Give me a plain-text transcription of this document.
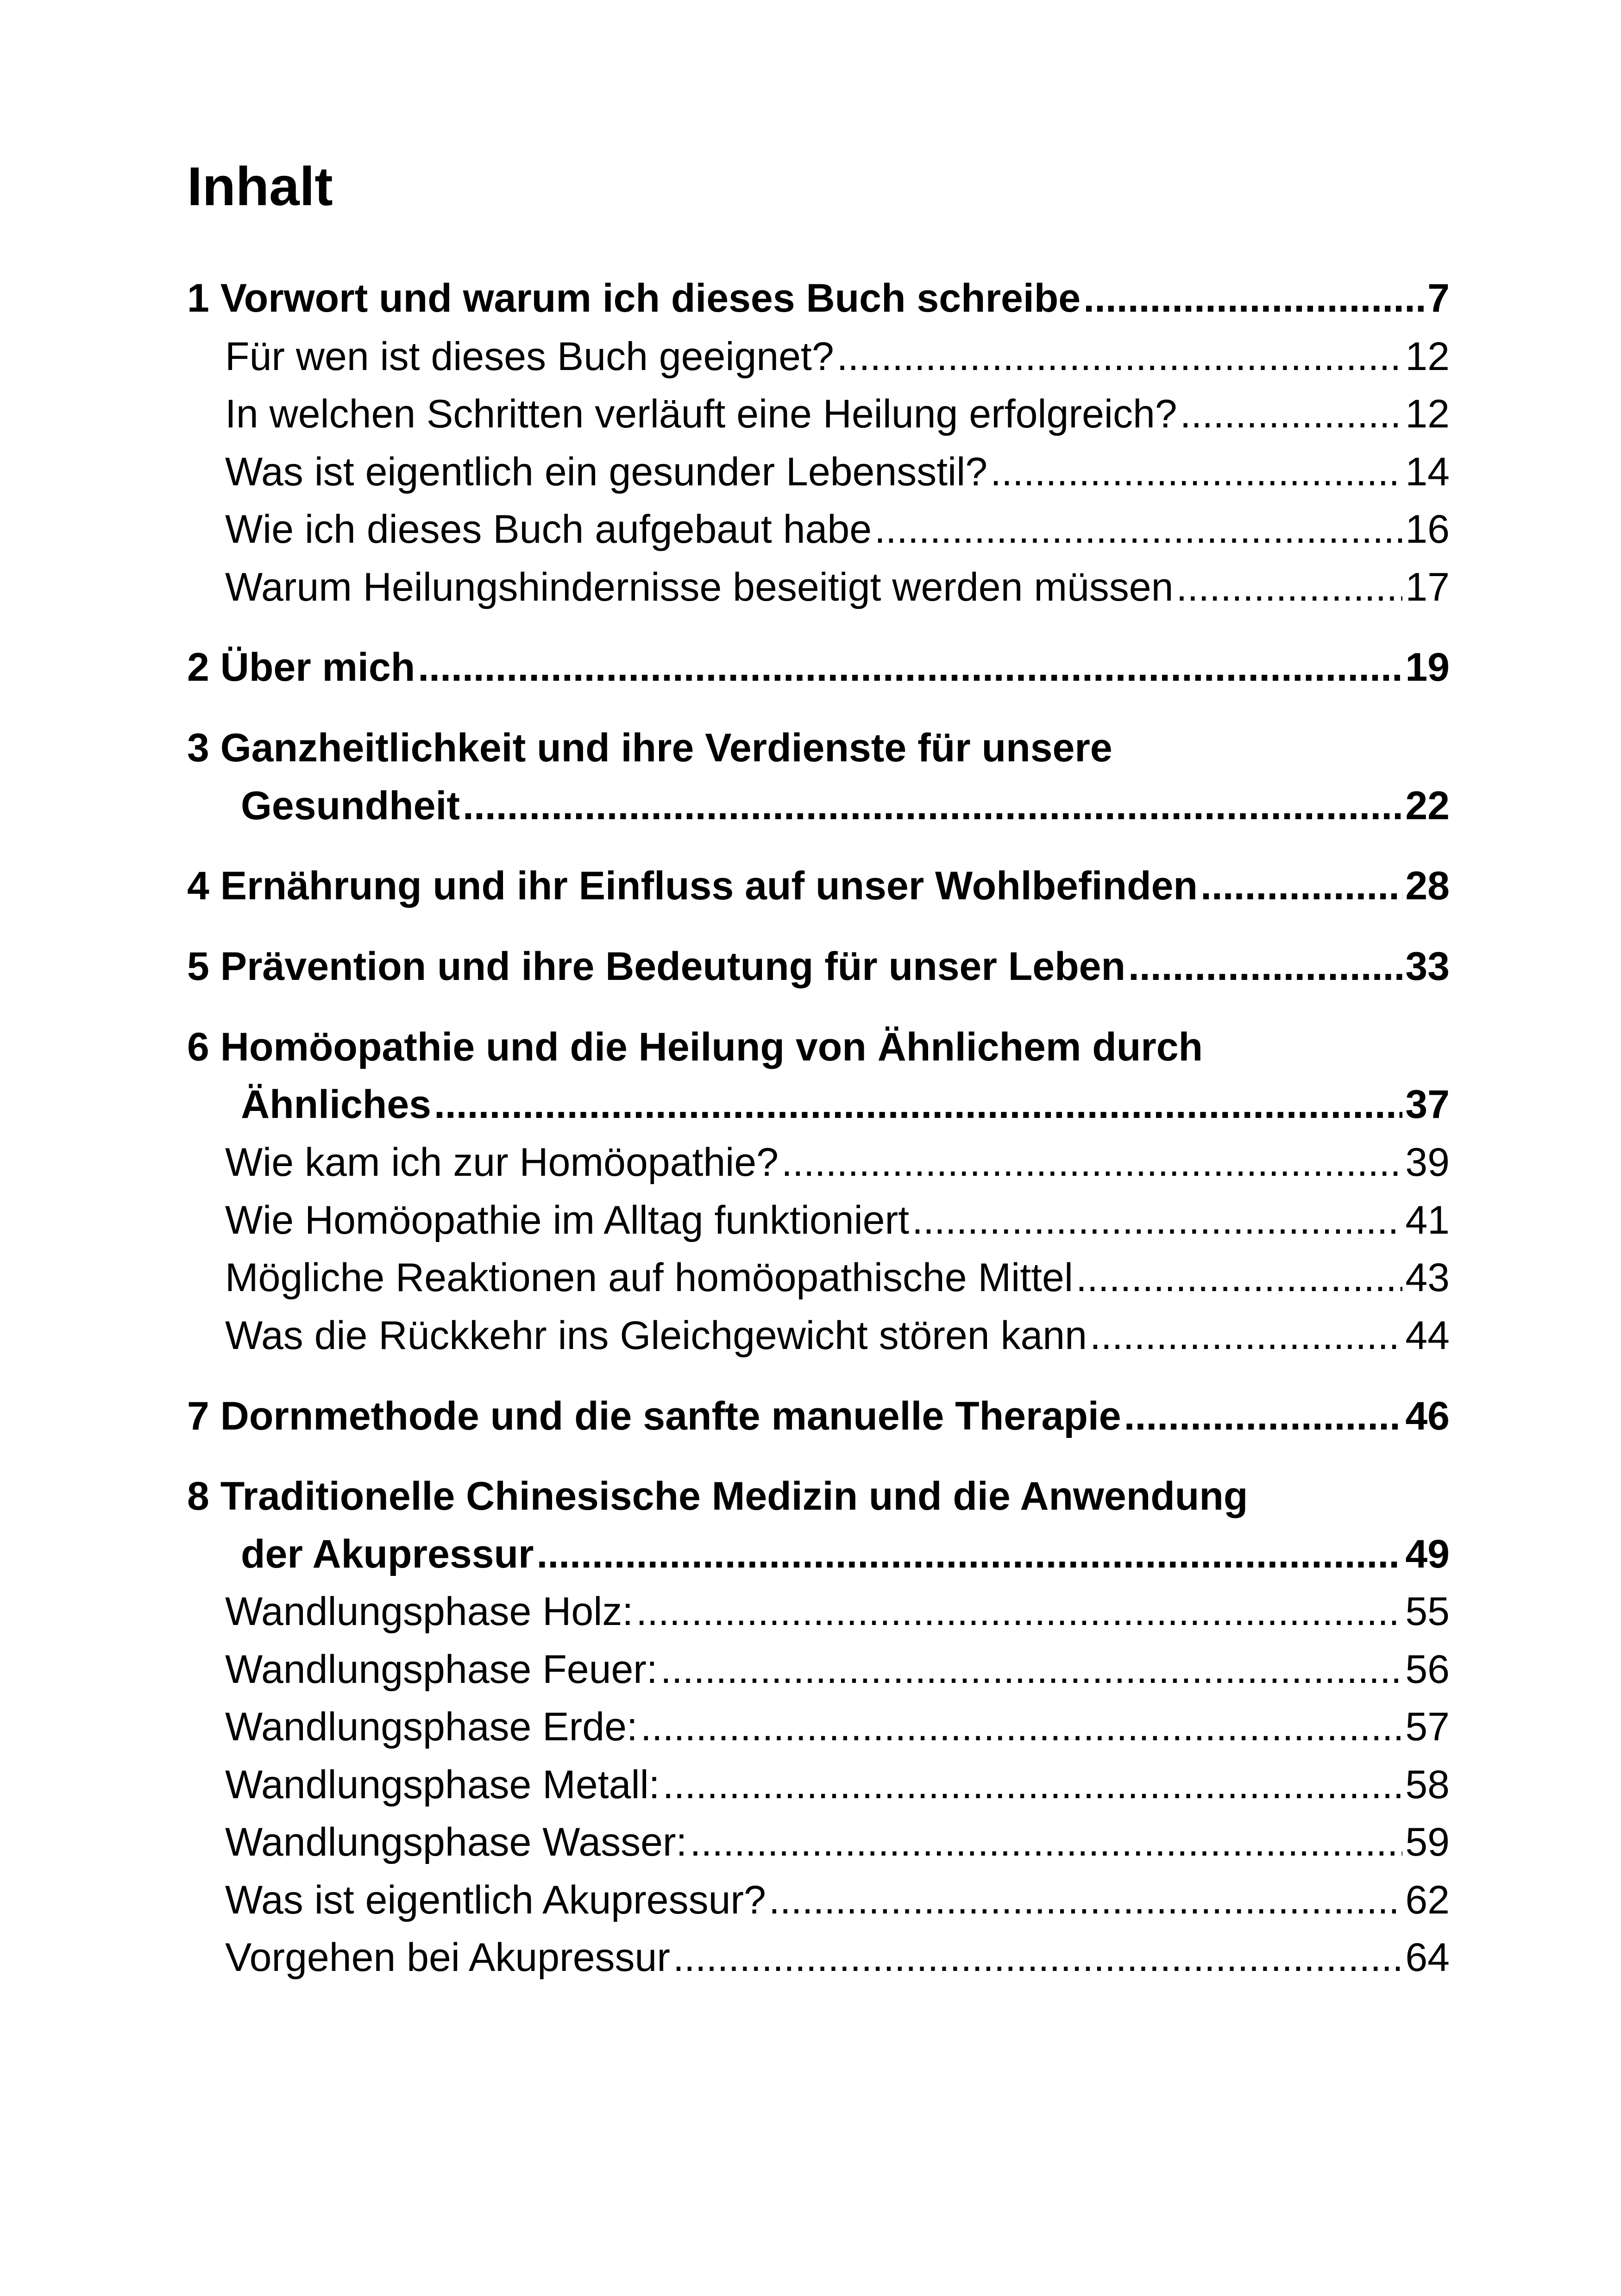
Inhalt
1 Vorwort und warum ich dieses Buch schreibe .....	7
Für wen ist dieses Buch geeignet? .....	12
In welchen Schritten verläuft eine Heilung erfolgreich? .....	12
Was ist eigentlich ein gesunder Lebensstil? .....	14
Wie ich dieses Buch aufgebaut habe .....	16
Warum Heilungshindernisse beseitigt werden müssen .....	17
2 Über mich .....	19
3 Ganzheitlichkeit und ihre Verdienste für unsere
Gesundheit .....	22
4 Ernährung und ihr Einfluss auf unser Wohlbefinden .....	28
5 Prävention und ihre Bedeutung für unser Leben .....	33
6 Homöopathie und die Heilung von Ähnlichem durch
Ähnliches .....	37
Wie kam ich zur Homöopathie? .....	39
Wie Homöopathie im Alltag funktioniert .....	41
Mögliche Reaktionen auf homöopathische Mittel .....	43
Was die Rückkehr ins Gleichgewicht stören kann .....	44
7 Dornmethode und die sanfte manuelle Therapie .....	46
8 Traditionelle Chinesische Medizin und die Anwendung
der Akupressur .....	49
Wandlungsphase Holz: .....	55
Wandlungsphase Feuer: .....	56
Wandlungsphase Erde: .....	57
Wandlungsphase Metall: .....	58
Wandlungsphase Wasser: .....	59
Was ist eigentlich Akupressur? .....	62
Vorgehen bei Akupressur .....	64
